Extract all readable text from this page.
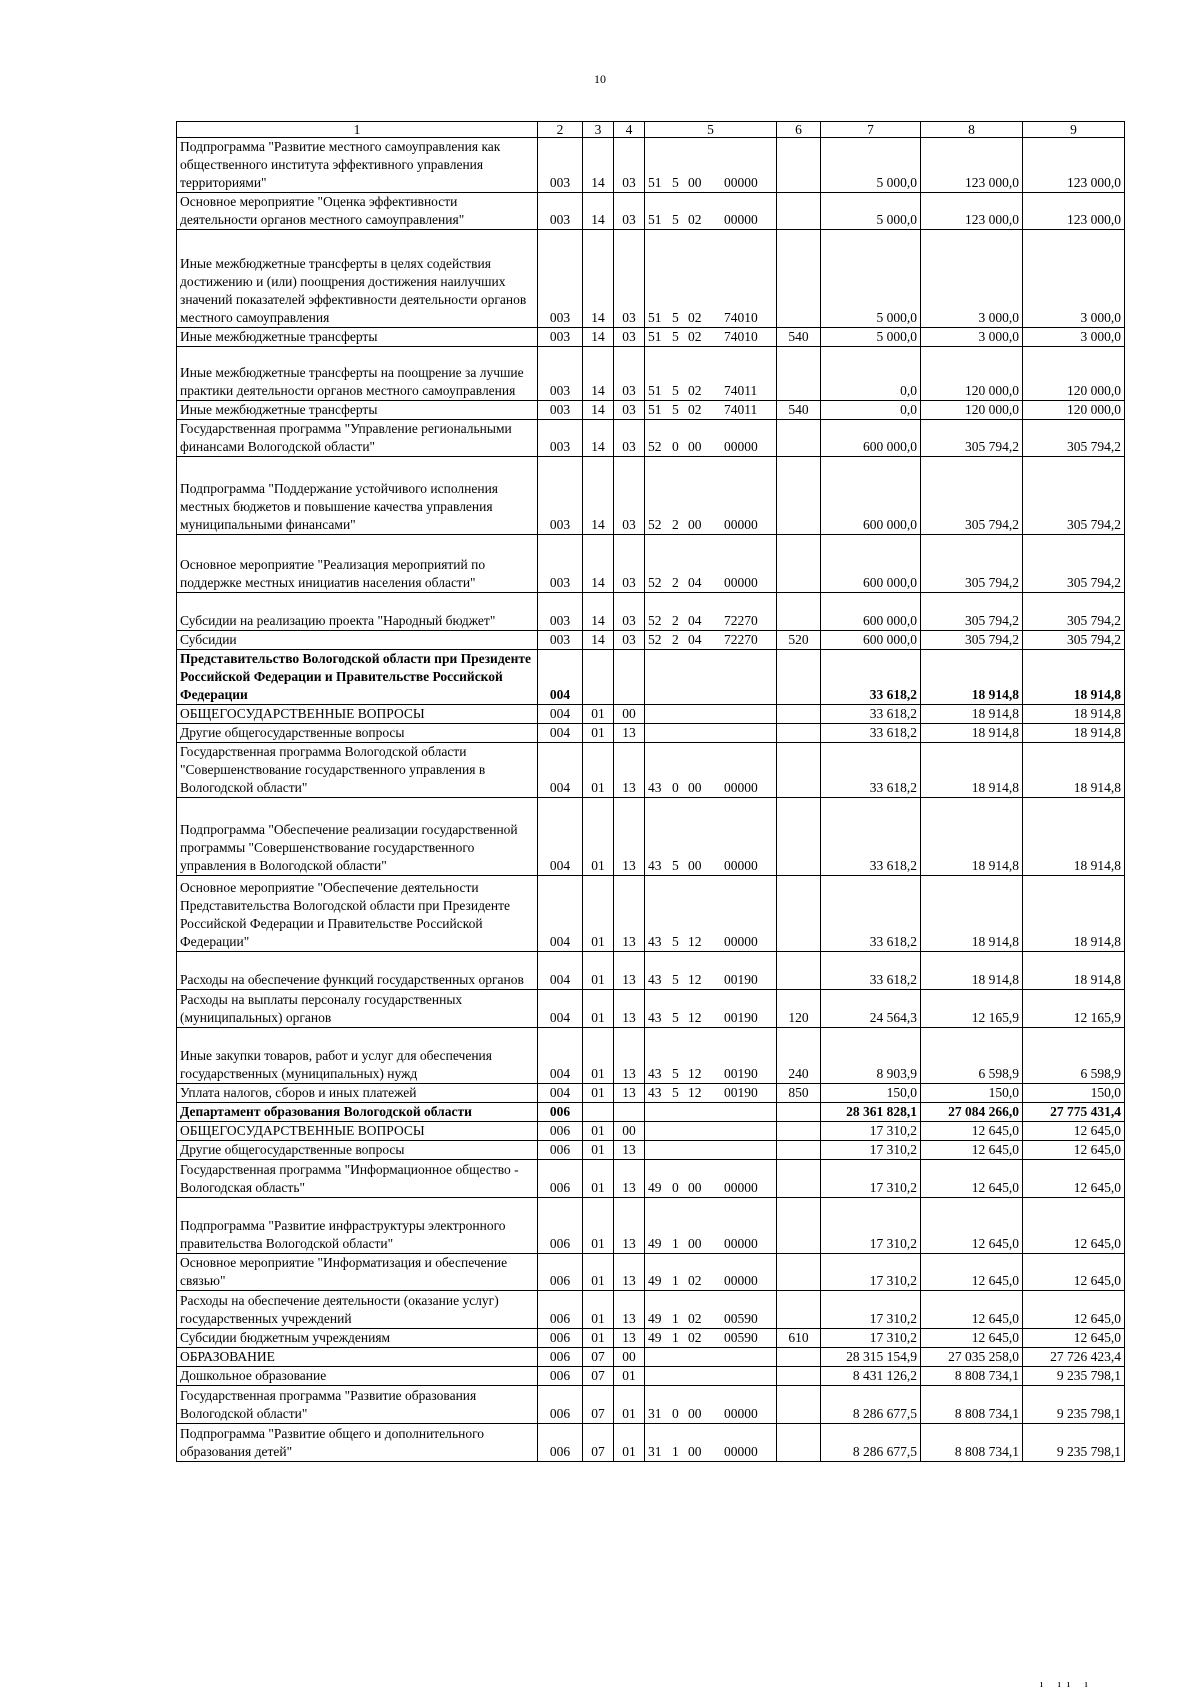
10
1	2	3	4	5	6	7	8	9
Подпрограмма "Развитие местного самоуправления как общественного института эффективного управления территориями"	003	14	03	51 5 00 00000		5 000,0	123 000,0	123 000,0
Основное мероприятие "Оценка эффективности деятельности органов местного самоуправления"	003	14	03	51 5 02 00000		5 000,0	123 000,0	123 000,0
Иные межбюджетные трансферты в целях содействия достижению и (или) поощрения достижения наилучших значений показателей эффективности деятельности органов местного самоуправления	003	14	03	51 5 02 74010		5 000,0	3 000,0	3 000,0
Иные межбюджетные трансферты	003	14	03	51 5 02 74010	540	5 000,0	3 000,0	3 000,0
Иные межбюджетные трансферты на поощрение за лучшие практики деятельности органов местного самоуправления	003	14	03	51 5 02 74011		0,0	120 000,0	120 000,0
Иные межбюджетные трансферты	003	14	03	51 5 02 74011	540	0,0	120 000,0	120 000,0
Государственная программа "Управление региональными финансами Вологодской области"	003	14	03	52 0 00 00000		600 000,0	305 794,2	305 794,2
Подпрограмма "Поддержание устойчивого исполнения местных бюджетов и повышение качества управления муниципальными финансами"	003	14	03	52 2 00 00000		600 000,0	305 794,2	305 794,2
Основное мероприятие "Реализация мероприятий по поддержке местных инициатив населения области"	003	14	03	52 2 04 00000		600 000,0	305 794,2	305 794,2
Субсидии на реализацию проекта "Народный бюджет"	003	14	03	52 2 04 72270		600 000,0	305 794,2	305 794,2
Субсидии	003	14	03	52 2 04 72270	520	600 000,0	305 794,2	305 794,2
Представительство Вологодской области при Президенте Российской Федерации и Правительстве Российской Федерации	004					33 618,2	18 914,8	18 914,8
ОБЩЕГОСУДАРСТВЕННЫЕ ВОПРОСЫ	004	01	00			33 618,2	18 914,8	18 914,8
Другие общегосударственные вопросы	004	01	13			33 618,2	18 914,8	18 914,8
Государственная программа Вологодской области "Совершенствование государственного управления в Вологодской области"	004	01	13	43 0 00 00000		33 618,2	18 914,8	18 914,8
Подпрограмма "Обеспечение реализации государственной программы "Совершенствование государственного управления в Вологодской области"	004	01	13	43 5 00 00000		33 618,2	18 914,8	18 914,8
Основное мероприятие "Обеспечение деятельности Представительства Вологодской области при Президенте Российской Федерации и Правительстве Российской Федерации"	004	01	13	43 5 12 00000		33 618,2	18 914,8	18 914,8
Расходы на обеспечение функций государственных органов	004	01	13	43 5 12 00190		33 618,2	18 914,8	18 914,8
Расходы на выплаты персоналу государственных (муниципальных) органов	004	01	13	43 5 12 00190	120	24 564,3	12 165,9	12 165,9
Иные закупки товаров, работ и услуг для обеспечения государственных (муниципальных) нужд	004	01	13	43 5 12 00190	240	8 903,9	6 598,9	6 598,9
Уплата налогов, сборов и иных платежей	004	01	13	43 5 12 00190	850	150,0	150,0	150,0
Департамент образования Вологодской области	006					28 361 828,1	27 084 266,0	27 775 431,4
ОБЩЕГОСУДАРСТВЕННЫЕ ВОПРОСЫ	006	01	00			17 310,2	12 645,0	12 645,0
Другие общегосударственные вопросы	006	01	13			17 310,2	12 645,0	12 645,0
Государственная программа "Информационное общество - Вологодская область"	006	01	13	49 0 00 00000		17 310,2	12 645,0	12 645,0
Подпрограмма "Развитие инфраструктуры электронного правительства Вологодской области"	006	01	13	49 1 00 00000		17 310,2	12 645,0	12 645,0
Основное мероприятие "Информатизация и обеспечение связью"	006	01	13	49 1 02 00000		17 310,2	12 645,0	12 645,0
Расходы на обеспечение деятельности (оказание услуг) государственных учреждений	006	01	13	49 1 02 00590		17 310,2	12 645,0	12 645,0
Субсидии бюджетным учреждениям	006	01	13	49 1 02 00590	610	17 310,2	12 645,0	12 645,0
ОБРАЗОВАНИЕ	006	07	00			28 315 154,9	27 035 258,0	27 726 423,4
Дошкольное образование	006	07	01			8 431 126,2	8 808 734,1	9 235 798,1
Государственная программа "Развитие образования Вологодской области"	006	07	01	31 0 00 00000		8 286 677,5	8 808 734,1	9 235 798,1
Подпрограмма "Развитие общего и дополнительного образования детей"	006	07	01	31 1 00 00000		8 286 677,5	8 808 734,1	9 235 798,1
ı ıı ı
